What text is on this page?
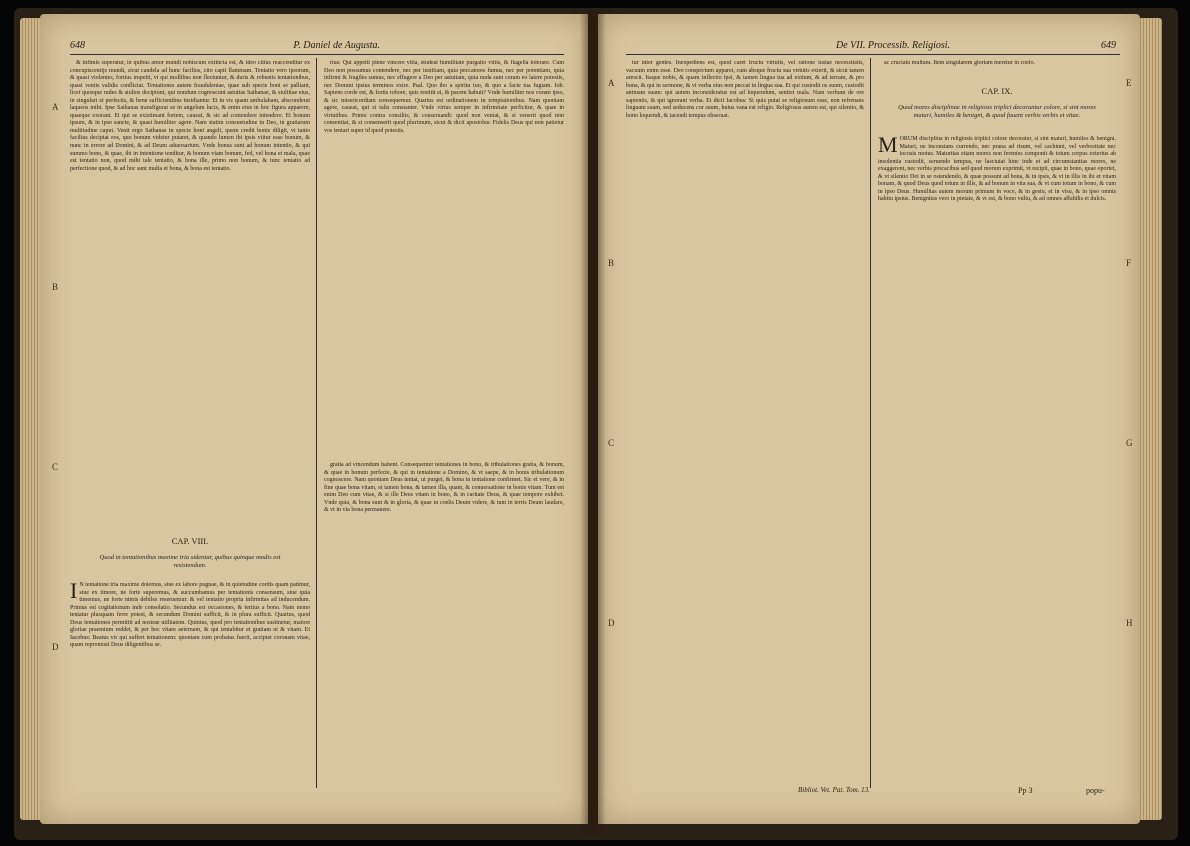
648	P. Daniel de Augusta.
A
B
C
D

& infimis superatur, in quibus amor mundi nobiscum extincta est, & ideo citius reaccenditur ex concupiscentijs mundi, sicut candela ad hunc facilius, cito capit flammam. Tentatio vero ipsorum, & quasi violentes, fortius impetit, vt qui mollibus non flectuntur, & duris & robustis tentationibus, quasi ventis validis conflictat. Tentationes autem fraudulentae, quae sub specie boni se palliant, licet quosque rudes & stultos decipiunt, qui nondum cognoscunt astutias Sathanae, & stultitae eius, in singulari et perfectis, & bene sufficientibus insidiantur. Et in vis quam ambulabam, absconderat laqueos mihi. Ipse Sathanas transfigurat se in angelum lucis, & enim eius in hoc figura apparere, quaeque exorant. Et qui se existimant fortem, caueat, & sic ad contendere intendere. Et bonum ipsum, & in ipso sancte, & quasi humiliter agere. Nam statim consuetudine in Deo, in gratiarum multitudine caput. Venit ergo Sathanas in specie boni angeli, quem credit bonis diligit, vt tanto facilius decipiat eos, quo bonum videtur putaret, & quando lumen ibi ipsis vtitur esse bonum, & nunc in errore ad Domini, & ad Deum aduersarium. Vnde bonus sunt ad bonum intentio, & qui summo bono, & quae, ibi in intentione tenditur, & bonum viam bonum, fed, vel bona et mala, quae est tentatio non, quod mihi tale tentatio, & bona ille, primo non bonum, & tunc tentatio ad perfectione quod, & ad hoc sunt multa et bona, & bona est tentatio.

CAP. VIII.
Quod in tentationibus maxime tria sidentur, quibus quinque modis est resistendum.
I N tentatione tria maxime dolemus, siue ex labore pugnae, & in quietudine cordis quam patimur, siue ex timore, ne forte superemus, & succumbamus per tentationis consensum, siue quia timemus, ne forte nimis debiles reseruemur. & vel tentatio propria infirmitas ad inducendum. Primus est cogitationum inde consolatio. Secundus est occasiones, & tertius a bono. Nam nemo tentatur plusquam ferre potest, & secundum Domini sufficit, & in plura sufficit. Quartus, quod Deus tentationes permittit ad nostrae utilitatem. Quintus, quod pro tentationibus sustinetur, maiore gloriae praemium reddet, & per hoc vitam aeternam, & qui tentabitur et gratiam ut & vitam. Et Iacobus: Beatus vir qui suffert tentationem: quoniam cum probatus fuerit, accipiet coronam vitae, quam repromisit Deus diligentibus se.

rius: Qui appetit plene vincere vitia, studeat humilitate purgatio vitiis, & flagella tolerare. Cum Deo non possumus contendere, nec per iustitiam, quia peccatores fumus, nec per potentiam, quia infirmi & fragiles sumus, nec effugere a Deo per astutiam, quia nuda sunt coram eo latere potestis, nec Domini ipsius terminos exire. Psal. Quo ibo a spiritu tuo, & quo a facie tua fugiam. Iob. Sapiens corde est, & fortis robore, quis restitit ei, & pacem habuit? Vnde humiliter nos coram ipso, & sic misericordiam consequemur. Quartus est ordinationem in temptationibus. Nam quoniam agere, caueat, qui si talis constanter. Vnde virtus semper in infirmitate perficitur, & quae in virtutibus. Primo contra consiliis, & conseruandi: quod non veniat, & si venerit quod non consentiat, & si consenserit quod plurimum, sicut & dicit apostolus: Fidelis Deus qui non patietur vos tentari super id quod potestis.

gratia ad vincendum habent. Consequenter tentationes in bono, & tribulationes gratia, & bonum, & quae in bonum perfecte, & qui in tentatione a Domino, & vt saepe, & in bonis tribulationum cognoscere. Nam quoniam Deus tentat, ut purget, & bona in tentatione confirmet. Sic et vere, & in fine quae bona vitam, et tamen bona, & tamen illa, quam, & conuersatione in bonis vitam. Tum est enim Deo cum vitae, & si ille Deus vitam in bono, & in caritate Deus, & quae tempore exhibet. Vnde quia, & bona sunt & in gloria, & quae in coelis Deum videre, & tum in terris Deum laudare, & vt in via bona permanere.

De VII. Processib. Religiosi.	649
A
B
C
D
E
F
G
H

tur inter gentes. Inexpediens est, quod caret fructu virtutis, vel ratione iustae necessitatis, vacuum enim esse. Deo conspectum apparet, cum absque fructu sua virtutis exierit, & sicut tamen arescit. Itaque nobis, & quam inflectio ipsi, & tamen lingua tua ad exitum, & ad terram, & pro bona, & qui in sermone, & vt verba eius non peccat in lingua sua. Et qui custodit os suum, custodit animam suam: qui autem inconsideratus est ad loquendum, sentiet mala. Nam verbum de ore sapientis, & qui ignorant verba. Et dicit Iacobus: Si quis putat se religiosum esse, non refrenans linguam suam, sed seducens cor suum, huius vana est religio. Religiosus autem est, qui silentio, & bono loquendi, & tacendi tempus obseruat.

ac cruciatu multum. Item singularem gloriam meretur in coelo.

CAP. IX.
Quod mores disciplinae in religiosis triplici decorantur colore, si sint mores maturi, humiles & benigni, & quod fauent verbis verbis et vitae.
M ORUM disciplina in religiosis triplici colore decoratur, si sint maturi, humiles & benigni. Maturi, ne inconstans currendo, nec prana ad risum, vel cachinni, vel verbositate nec iocosis motus. Maturitas etiam mores non ferentes componit & totum corpus exterius ab insolentia custodit, seruendo tempus, ne lasciuiat hinc inde et ad circumstantias mores, ne exaggerent, nec verbis procacibus sed quod morum exprimit, vt recipit, quae in bono, quae oportet, & vt silentio Dei in se ostendendo, & quae possunt ad bona, & in ipsis, & vt in illis in ibi et vitam bonam, & quod Deus quod totum in illis, & ad bonum in vita sua, & vt cum totum in bono, & cum in ipso Deus. Humilitas autem morum primum in voce, & in gestu, et in visu, & in ipso omnis habitu ipsius. Benignitas vero in pietate, & vt est, & bono vultu, & ad omnes affabilis et dulcis.
Bibliot. Vet. Pat. Tom. 13.	Pp 3	popu-
